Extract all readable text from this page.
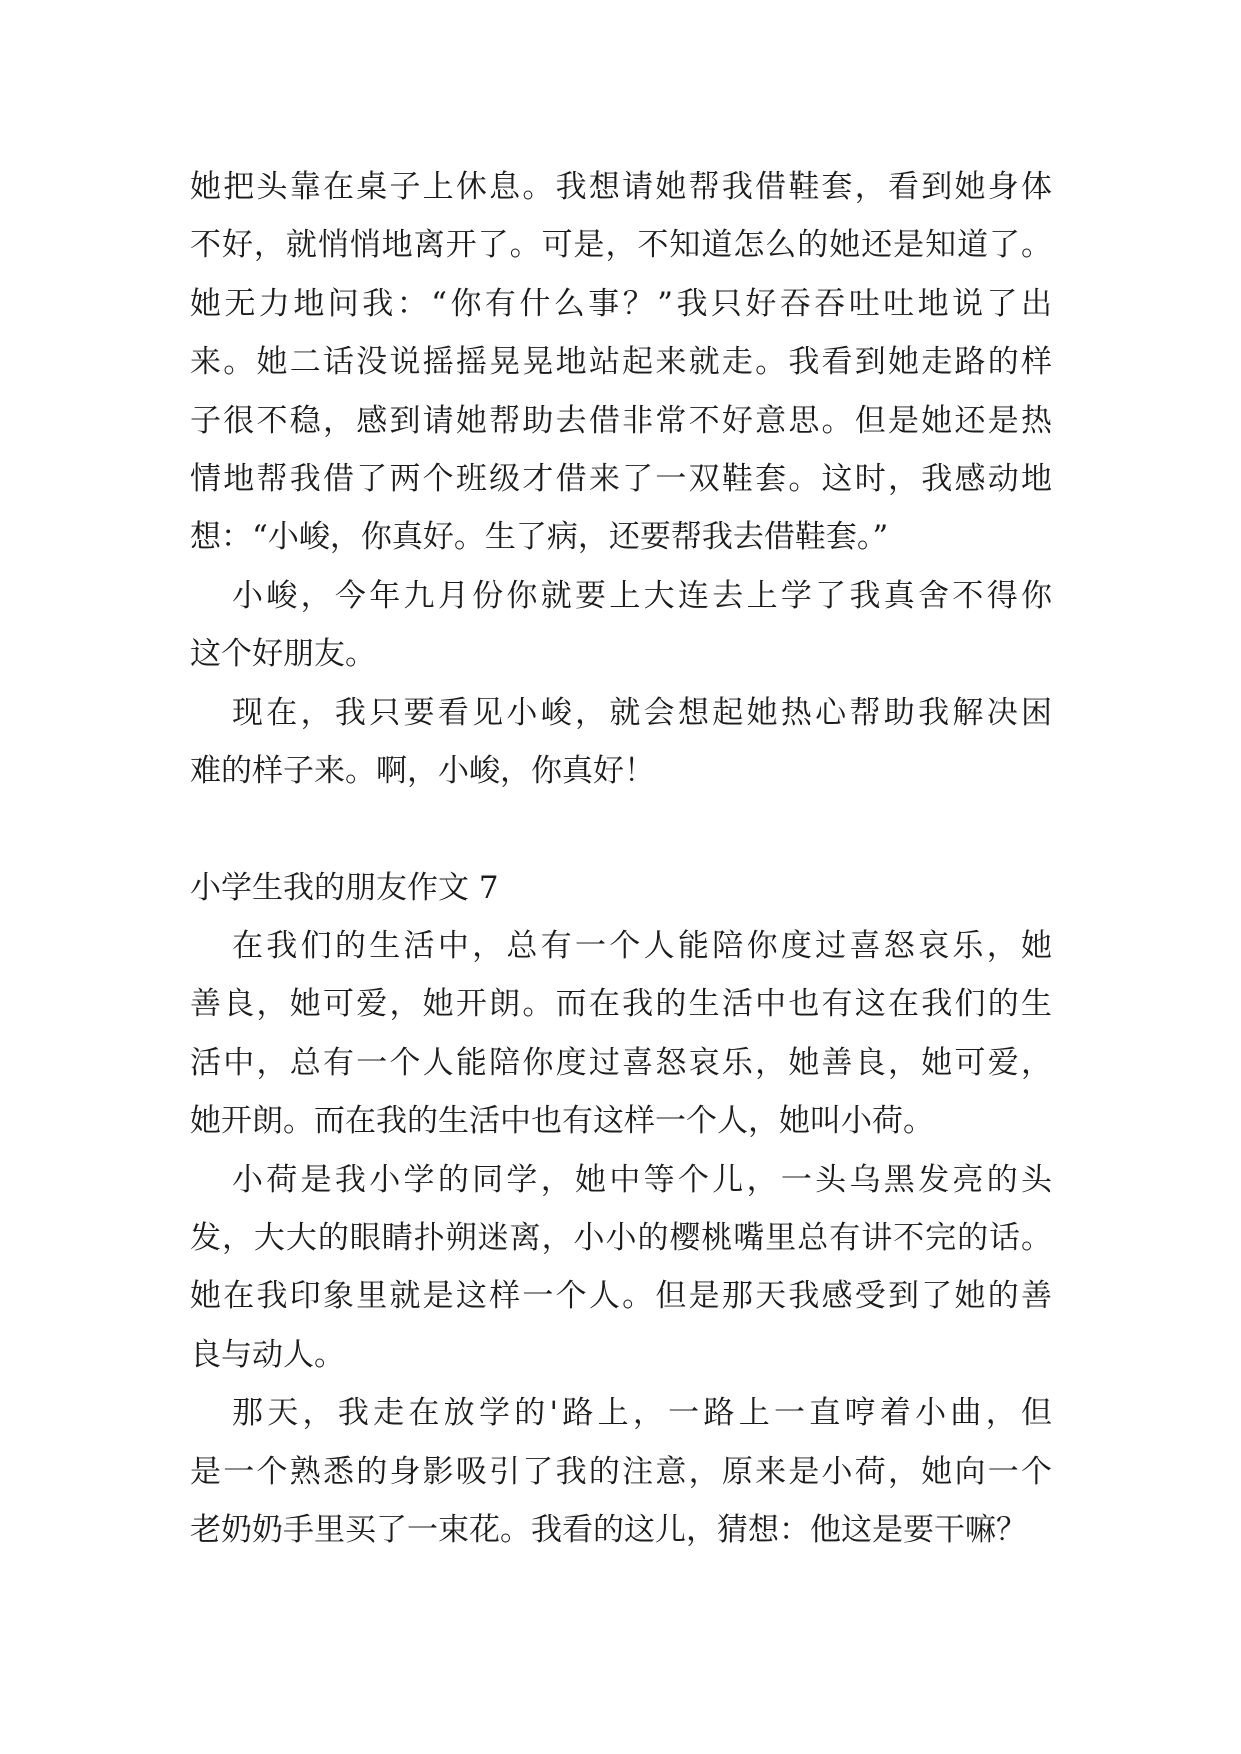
她把头靠在桌子上休息。我想请她帮我借鞋套，看到她身体
不好，就悄悄地离开了。可是，不知道怎么的她还是知道了。
她无力地问我：“你有什么事？”我只好吞吞吐吐地说了出
来。她二话没说摇摇晃晃地站起来就走。我看到她走路的样
子很不稳，感到请她帮助去借非常不好意思。但是她还是热
情地帮我借了两个班级才借来了一双鞋套。这时，我感动地
想：“小峻，你真好。生了病，还要帮我去借鞋套。”
小峻，今年九月份你就要上大连去上学了我真舍不得你
这个好朋友。
现在，我只要看见小峻，就会想起她热心帮助我解决困
难的样子来。啊，小峻，你真好！
小学生我的朋友作文 7
在我们的生活中，总有一个人能陪你度过喜怒哀乐，她
善良，她可爱，她开朗。而在我的生活中也有这在我们的生
活中，总有一个人能陪你度过喜怒哀乐，她善良，她可爱，
她开朗。而在我的生活中也有这样一个人，她叫小荷。
小荷是我小学的同学，她中等个儿，一头乌黑发亮的头
发，大大的眼睛扑朔迷离，小小的樱桃嘴里总有讲不完的话。
她在我印象里就是这样一个人。但是那天我感受到了她的善
良与动人。
那天，我走在放学的'路上，一路上一直哼着小曲，但
是一个熟悉的身影吸引了我的注意，原来是小荷，她向一个
老奶奶手里买了一束花。我看的这儿，猜想：他这是要干嘛？
